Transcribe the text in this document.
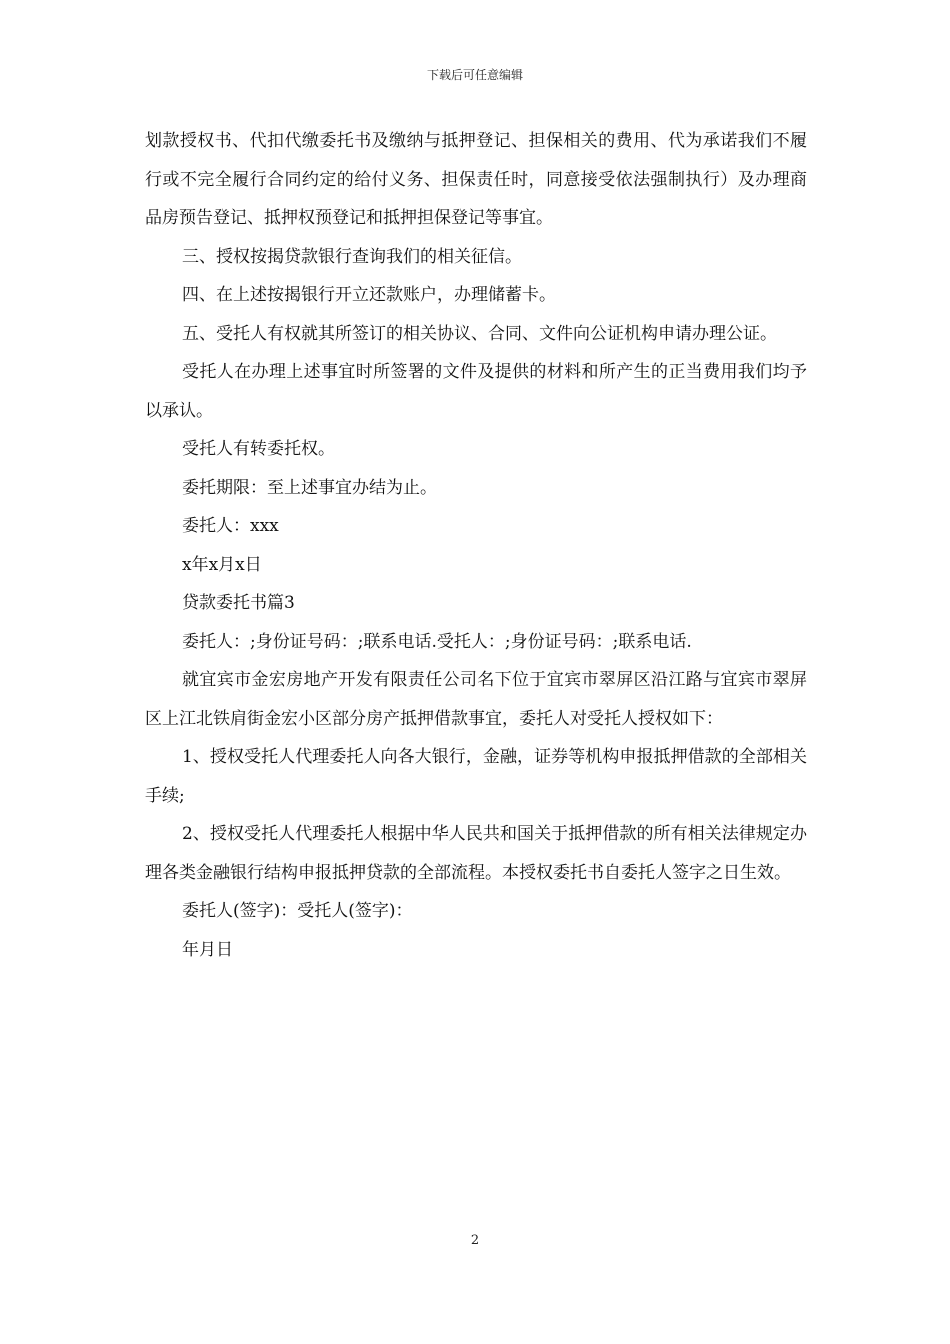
下载后可任意编辑

划款授权书、代扣代缴委托书及缴纳与抵押登记、担保相关的费用、代为承诺我们不履行或不完全履行合同约定的给付义务、担保责任时，同意接受依法强制执行）及办理商品房预告登记、抵押权预登记和抵押担保登记等事宜。

三、授权按揭贷款银行查询我们的相关征信。

四、在上述按揭银行开立还款账户，办理储蓄卡。

五、受托人有权就其所签订的相关协议、合同、文件向公证机构申请办理公证。

受托人在办理上述事宜时所签署的文件及提供的材料和所产生的正当费用我们均予以承认。

受托人有转委托权。

委托期限：至上述事宜办结为止。

委托人：xxx

x年x月x日

贷款委托书篇3

委托人：;身份证号码：;联系电话.受托人：;身份证号码：;联系电话.

就宜宾市金宏房地产开发有限责任公司名下位于宜宾市翠屏区沿江路与宜宾市翠屏区上江北铁肩街金宏小区部分房产抵押借款事宜，委托人对受托人授权如下：

1、授权受托人代理委托人向各大银行，金融，证券等机构申报抵押借款的全部相关手续;

2、授权受托人代理委托人根据中华人民共和国关于抵押借款的所有相关法律规定办理各类金融银行结构申报抵押贷款的全部流程。本授权委托书自委托人签字之日生效。

委托人(签字)：受托人(签字)：

年月日

2
